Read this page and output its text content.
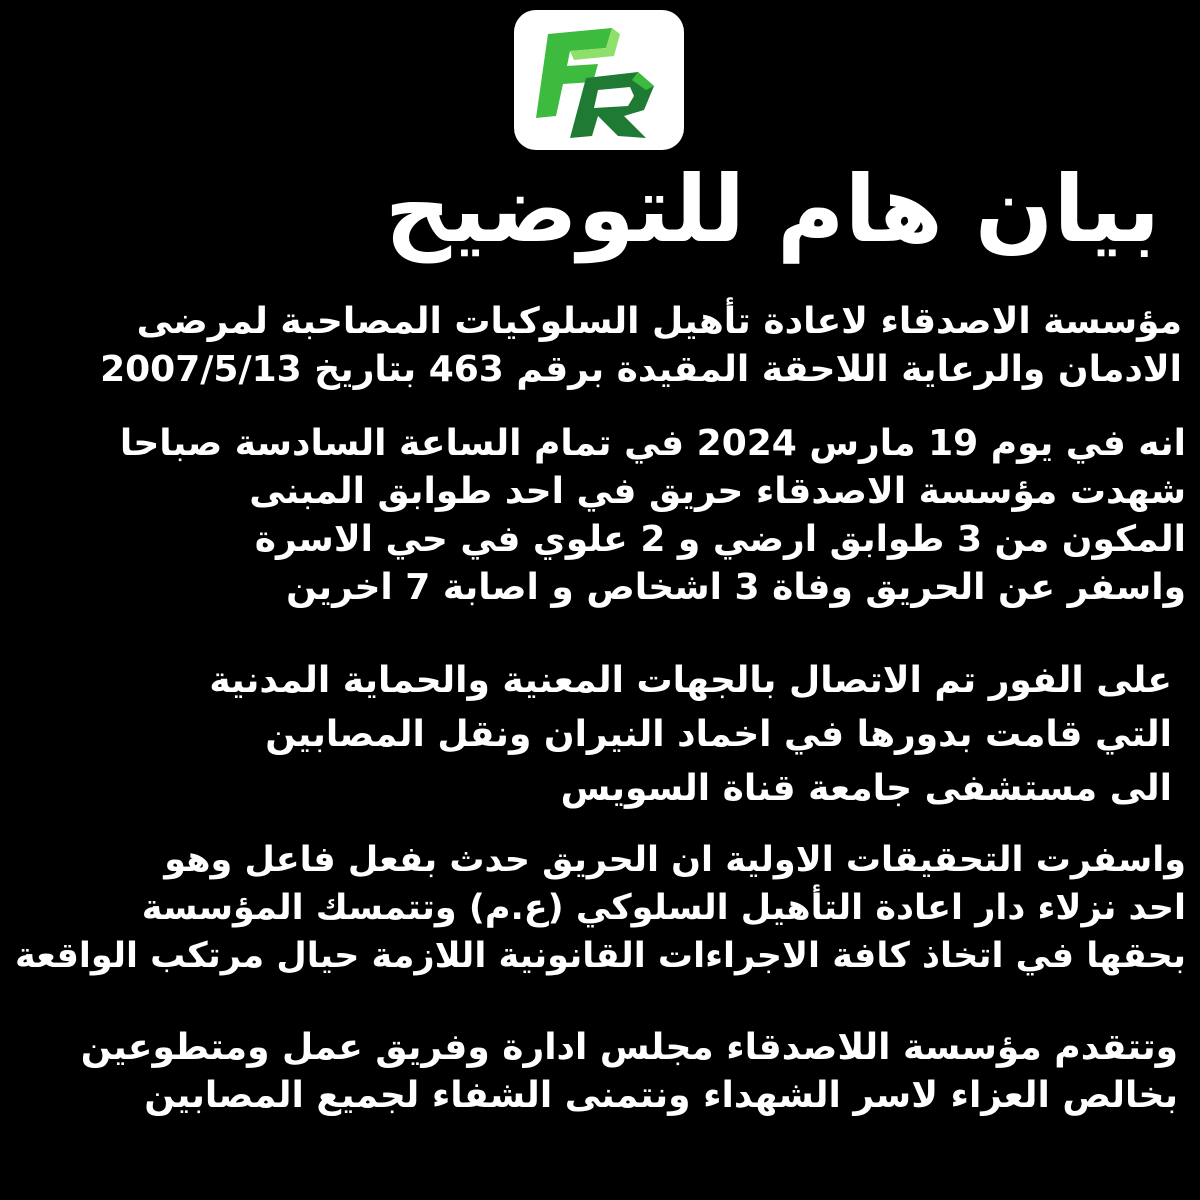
بيان هام للتوضيح
مؤسسة الاصدقاء لاعادة تأهيل السلوكيات المصاحبة لمرضى
الادمان والرعاية اللاحقة المقيدة برقم 463 بتاريخ 2007/5/13
انه في يوم 19 مارس 2024 في تمام الساعة السادسة صباحا
شهدت مؤسسة الاصدقاء حريق في احد طوابق المبنى
المكون من 3 طوابق ارضي و 2 علوي في حي الاسرة
واسفر عن الحريق وفاة 3 اشخاص و اصابة 7 اخرين
على الفور تم الاتصال بالجهات المعنية والحماية المدنية
التي قامت بدورها في اخماد النيران ونقل المصابين
الى مستشفى جامعة قناة السويس
واسفرت التحقيقات الاولية ان الحريق حدث بفعل فاعل وهو
احد نزلاء دار اعادة التأهيل السلوكي (ع.م) وتتمسك المؤسسة
بحقها في اتخاذ كافة الاجراءات القانونية اللازمة حيال مرتكب الواقعة
وتتقدم مؤسسة اللاصدقاء مجلس ادارة وفريق عمل ومتطوعين
بخالص العزاء لاسر الشهداء ونتمنى الشفاء لجميع المصابين
